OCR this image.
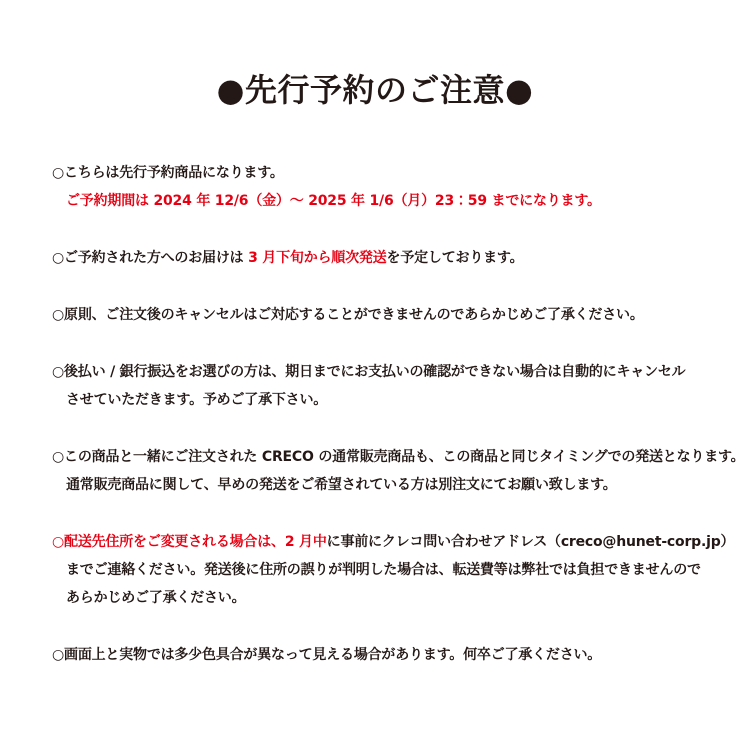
●先行予約のご注意●
○こちらは先行予約商品になります。
ご予約期間は 2024 年 12/6（金）～ 2025 年 1/6（月）23：59 までになります。
○ご予約された方へのお届けは 3 月下旬から順次発送を予定しております。
○原則、ご注文後のキャンセルはご対応することができませんのであらかじめご了承ください。
○後払い / 銀行振込をお選びの方は、期日までにお支払いの確認ができない場合は自動的にキャンセル
させていただきます。予めご了承下さい。
○この商品と一緒にご注文された CRECO の通常販売商品も、この商品と同じタイミングでの発送となります。
通常販売商品に関して、早めの発送をご希望されている方は別注文にてお願い致します。
○配送先住所をご変更される場合は、2 月中に事前にクレコ問い合わせアドレス（creco@hunet-corp.jp）
までご連絡ください。発送後に住所の誤りが判明した場合は、転送費等は弊社では負担できませんので
あらかじめご了承ください。
○画面上と実物では多少色具合が異なって見える場合があります。何卒ご了承ください。
